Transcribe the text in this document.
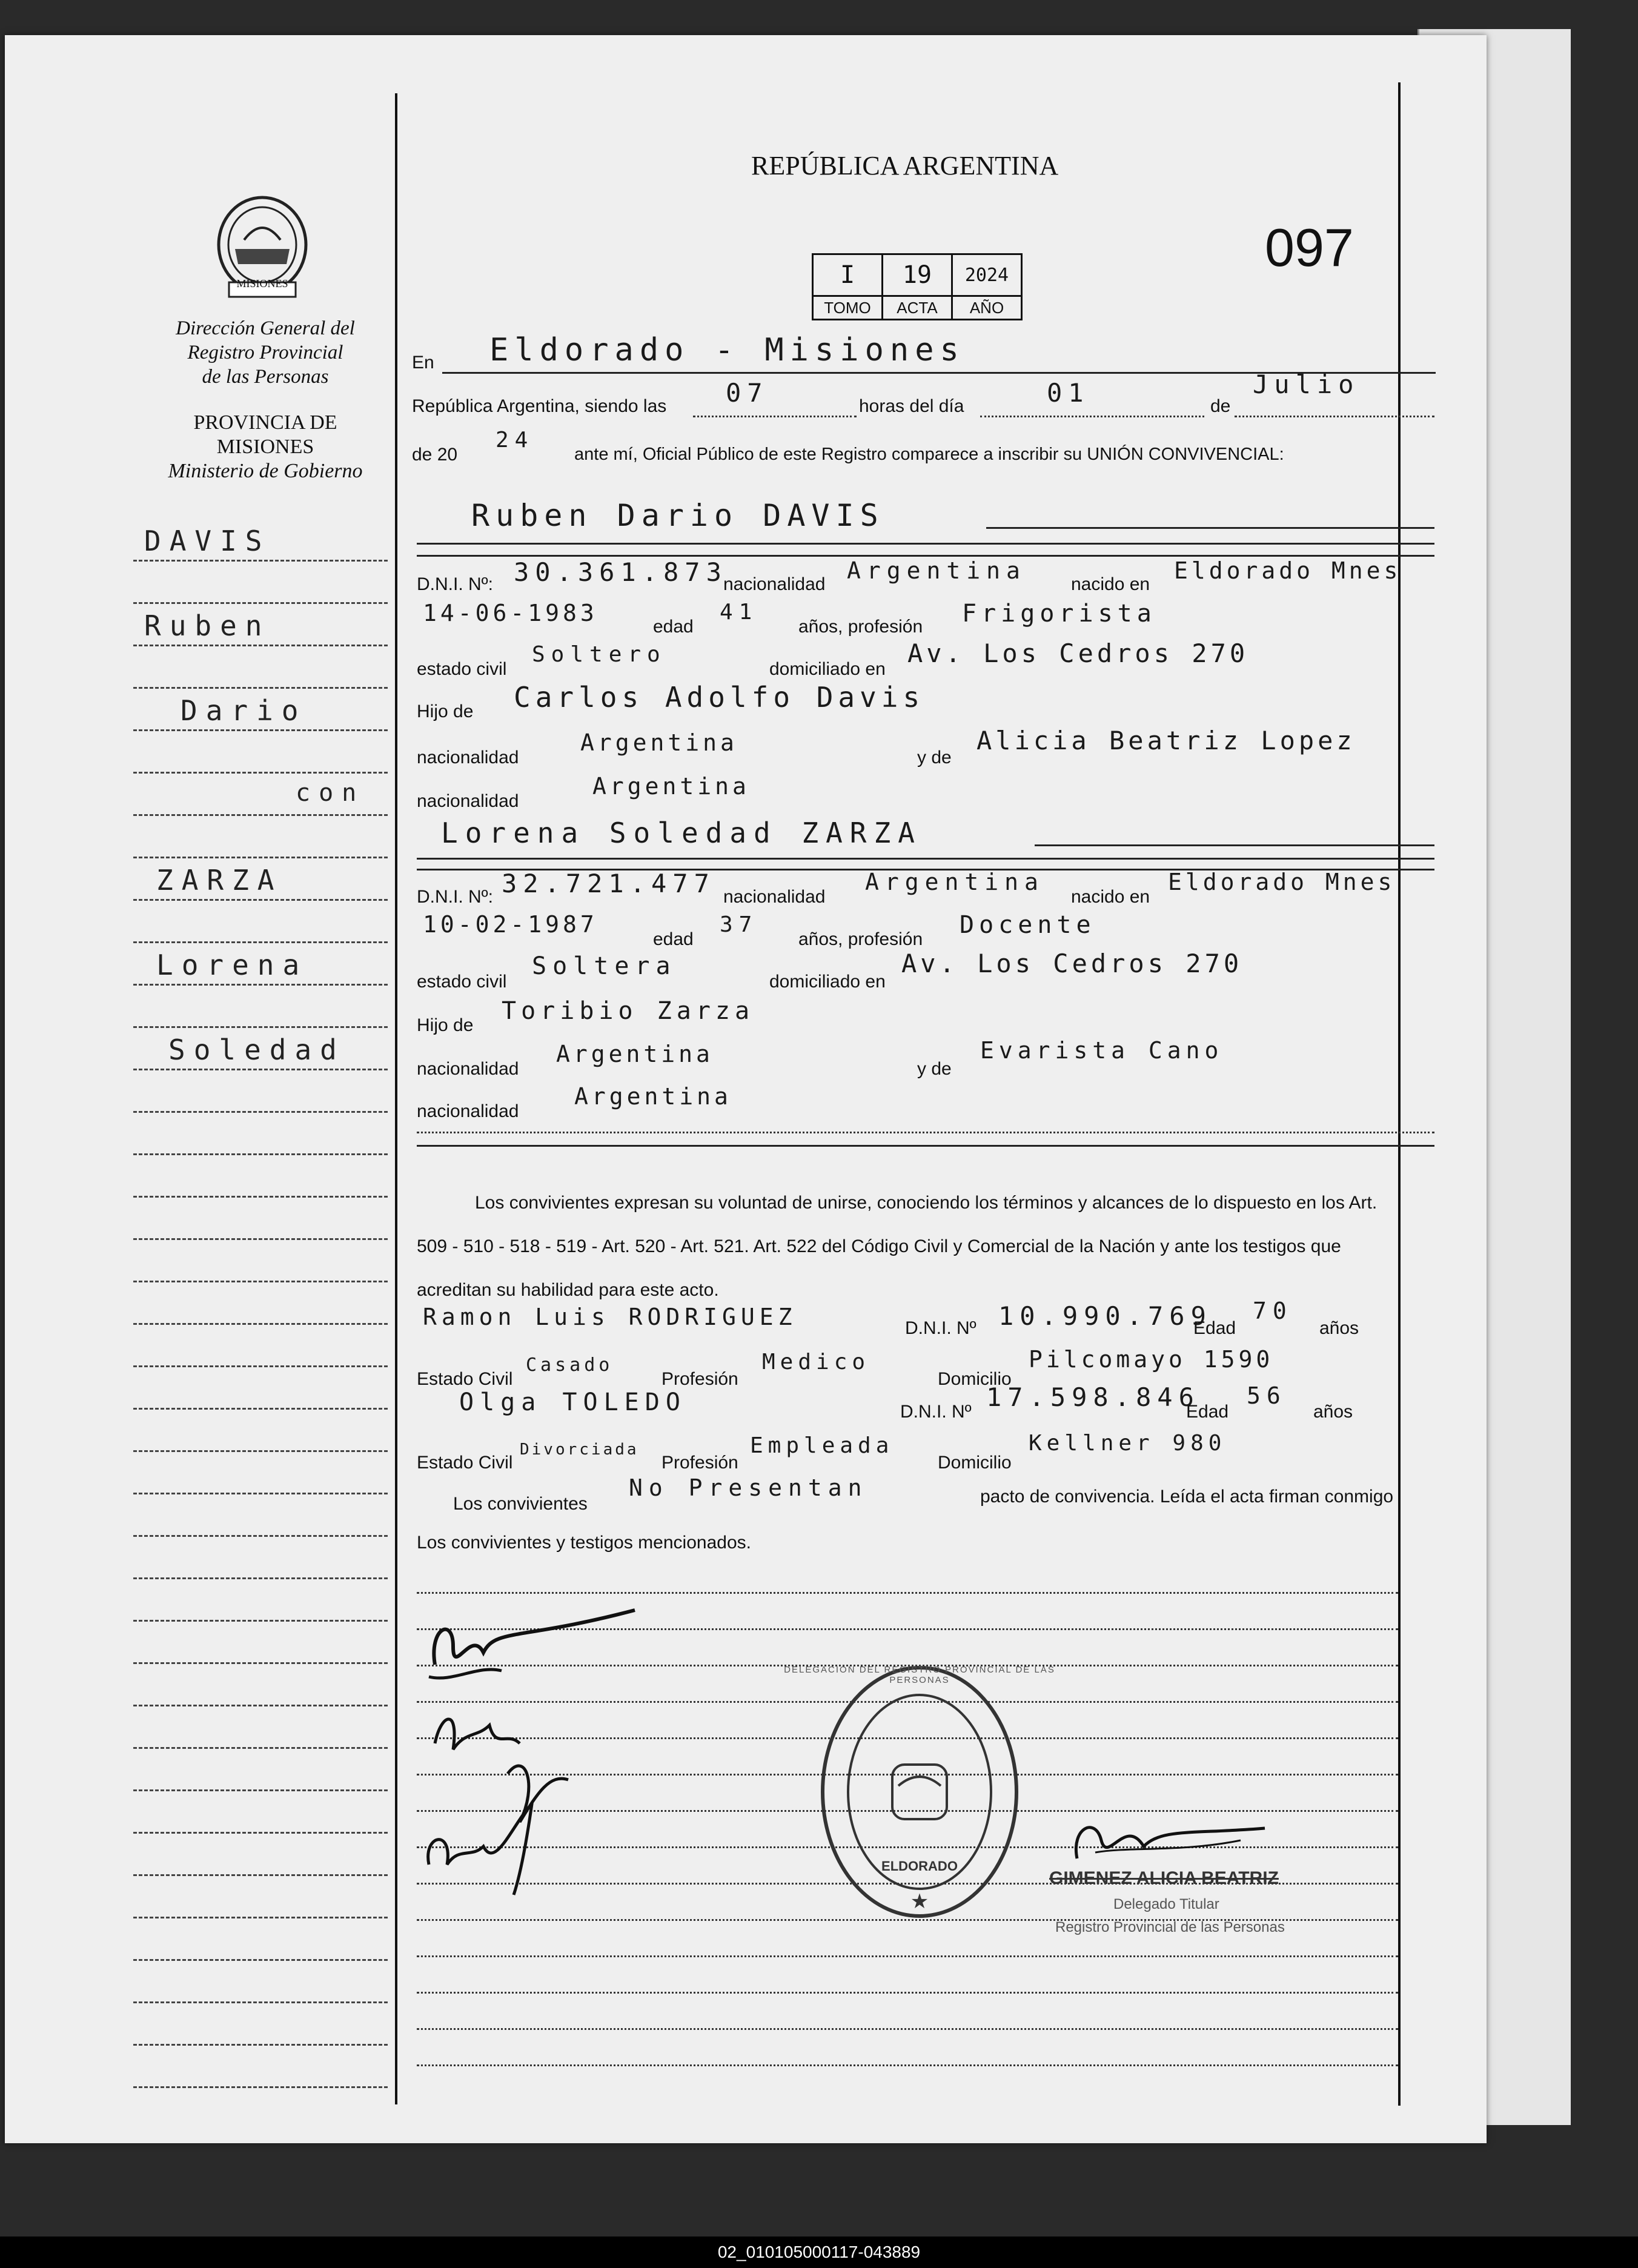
MISIONES
Dirección General del
Registro Provincial
de las Personas
PROVINCIA DE
MISIONES
Ministerio de Gobierno
DAVIS
Ruben
Dario
con
ZARZA
Lorena
Soledad
REPÚBLICA ARGENTINA
I	19	2024
TOMO	ACTA	AÑO
097
En Eldorado - Misiones
República Argentina, siendo las 07	horas del día	01	de
Julio
de 20
24
ante mí, Oficial Público de este Registro comparece a inscribir su UNIÓN CONVIVENCIAL:
Ruben Dario DAVIS
D.N.I. Nº: 30.361.873
nacionalidad
Argentina
nacido en
Eldorado Mnes
14-06-1983
edad
41
años, profesión Frigorista
estado civil
Soltero
domiciliado en
Av. Los Cedros 270
Hijo de Carlos Adolfo Davis
nacionalidad
Argentina
y de
Alicia Beatriz Lopez
nacionalidad
Argentina
Lorena Soledad ZARZA
D.N.I. Nº: 32.721.477 nacionalidad
Argentina
nacido en
Eldorado Mnes
10-02-1987
edad
37
años, profesión
Docente
estado civil
Soltera
domiciliado en
Av. Los Cedros 270
Hijo de
Toribio Zarza
nacionalidad
Argentina
y de
Evarista Cano
nacionalidad
Argentina
Los convivientes expresan su voluntad de unirse, conociendo los términos y alcances de lo dispuesto en los Art.
509 - 510 - 518 - 519 - Art. 520 - Art. 521. Art. 522 del Código Civil y Comercial de la Nación y ante los testigos que
acreditan su habilidad para este acto.
Ramon Luis RODRIGUEZ	D.N.I. Nº 10.990.769
Edad
70
años
Estado Civil
Casado
Profesión
Medico
Domicilio
Pilcomayo 1590
Olga TOLEDO	D.N.I. Nº 17.598.846
Edad
56
años
Estado Civil
Divorciada
Profesión
Empleada
Domicilio
Kellner 980
Los convivientes
No Presentan	pacto de convivencia. Leída el acta firman conmigo
Los convivientes y testigos mencionados.
★
ELDORADO
DELEGACIÓN DEL REGISTRO PROVINCIAL DE LAS PERSONAS
GIMENEZ ALICIA BEATRIZ
Delegado Titular
Registro Provincial de las Personas
02_010105000117-043889
